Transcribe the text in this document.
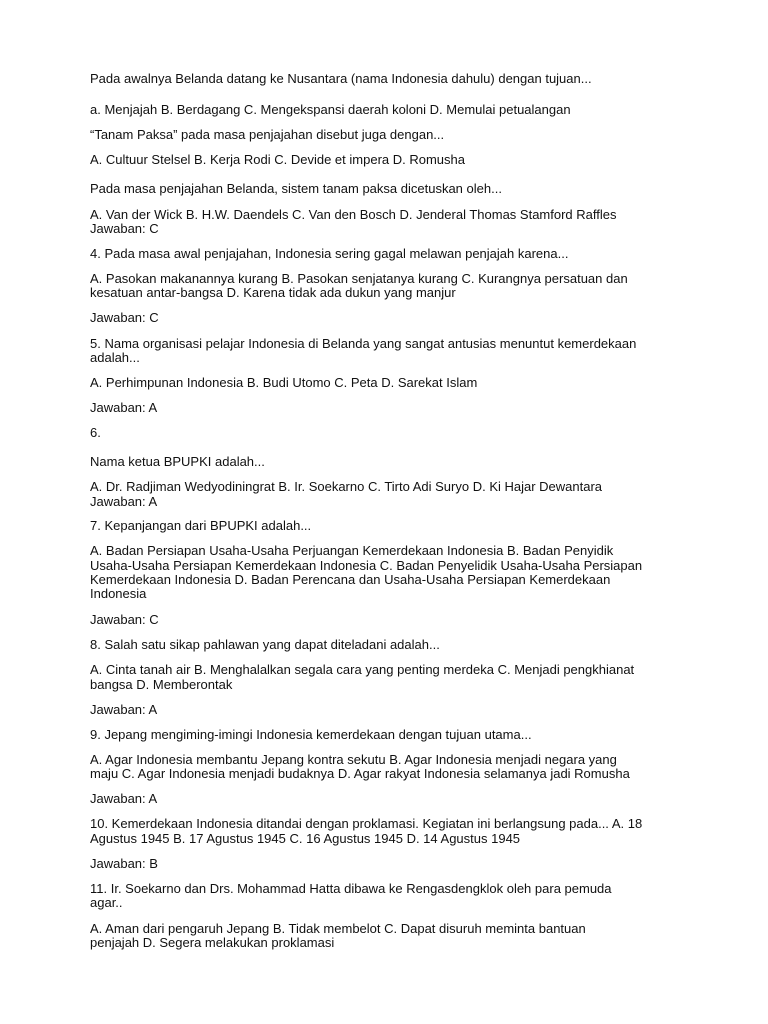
Pada awalnya Belanda datang ke Nusantara (nama Indonesia dahulu) dengan tujuan...
a. Menjajah B. Berdagang C. Mengekspansi daerah koloni D. Memulai petualangan
“Tanam Paksa” pada masa penjajahan disebut juga dengan...
A. Cultuur Stelsel B. Kerja Rodi C. Devide et impera D. Romusha
Pada masa penjajahan Belanda, sistem tanam paksa dicetuskan oleh...
A. Van der Wick B. H.W. Daendels C. Van den Bosch D. Jenderal Thomas Stamford Raffles
Jawaban: C
4. Pada masa awal penjajahan, Indonesia sering gagal melawan penjajah karena...
A. Pasokan makanannya kurang B. Pasokan senjatanya kurang C. Kurangnya persatuan dan
kesatuan antar-bangsa D. Karena tidak ada dukun yang manjur
Jawaban: C
5. Nama organisasi pelajar Indonesia di Belanda yang sangat antusias menuntut kemerdekaan
adalah...
A. Perhimpunan Indonesia B. Budi Utomo C. Peta D. Sarekat Islam
Jawaban: A
6.
Nama ketua BPUPKI adalah...
A. Dr. Radjiman Wedyodiningrat B. Ir. Soekarno C. Tirto Adi Suryo D. Ki Hajar Dewantara
Jawaban: A
7. Kepanjangan dari BPUPKI adalah...
A. Badan Persiapan Usaha-Usaha Perjuangan Kemerdekaan Indonesia B. Badan Penyidik
Usaha-Usaha Persiapan Kemerdekaan Indonesia C. Badan Penyelidik Usaha-Usaha Persiapan
Kemerdekaan Indonesia D. Badan Perencana dan Usaha-Usaha Persiapan Kemerdekaan
Indonesia
Jawaban: C
8. Salah satu sikap pahlawan yang dapat diteladani adalah...
A. Cinta tanah air B. Menghalalkan segala cara yang penting merdeka C. Menjadi pengkhianat
bangsa D. Memberontak
Jawaban: A
9. Jepang mengiming-imingi Indonesia kemerdekaan dengan tujuan utama...
A. Agar Indonesia membantu Jepang kontra sekutu B. Agar Indonesia menjadi negara yang
maju C. Agar Indonesia menjadi budaknya D. Agar rakyat Indonesia selamanya jadi Romusha
Jawaban: A
10. Kemerdekaan Indonesia ditandai dengan proklamasi. Kegiatan ini berlangsung pada... A. 18
Agustus 1945 B. 17 Agustus 1945 C. 16 Agustus 1945 D. 14 Agustus 1945
Jawaban: B
11. Ir. Soekarno dan Drs. Mohammad Hatta dibawa ke Rengasdengklok oleh para pemuda
agar..
A. Aman dari pengaruh Jepang B. Tidak membelot C. Dapat disuruh meminta bantuan
penjajah D. Segera melakukan proklamasi
